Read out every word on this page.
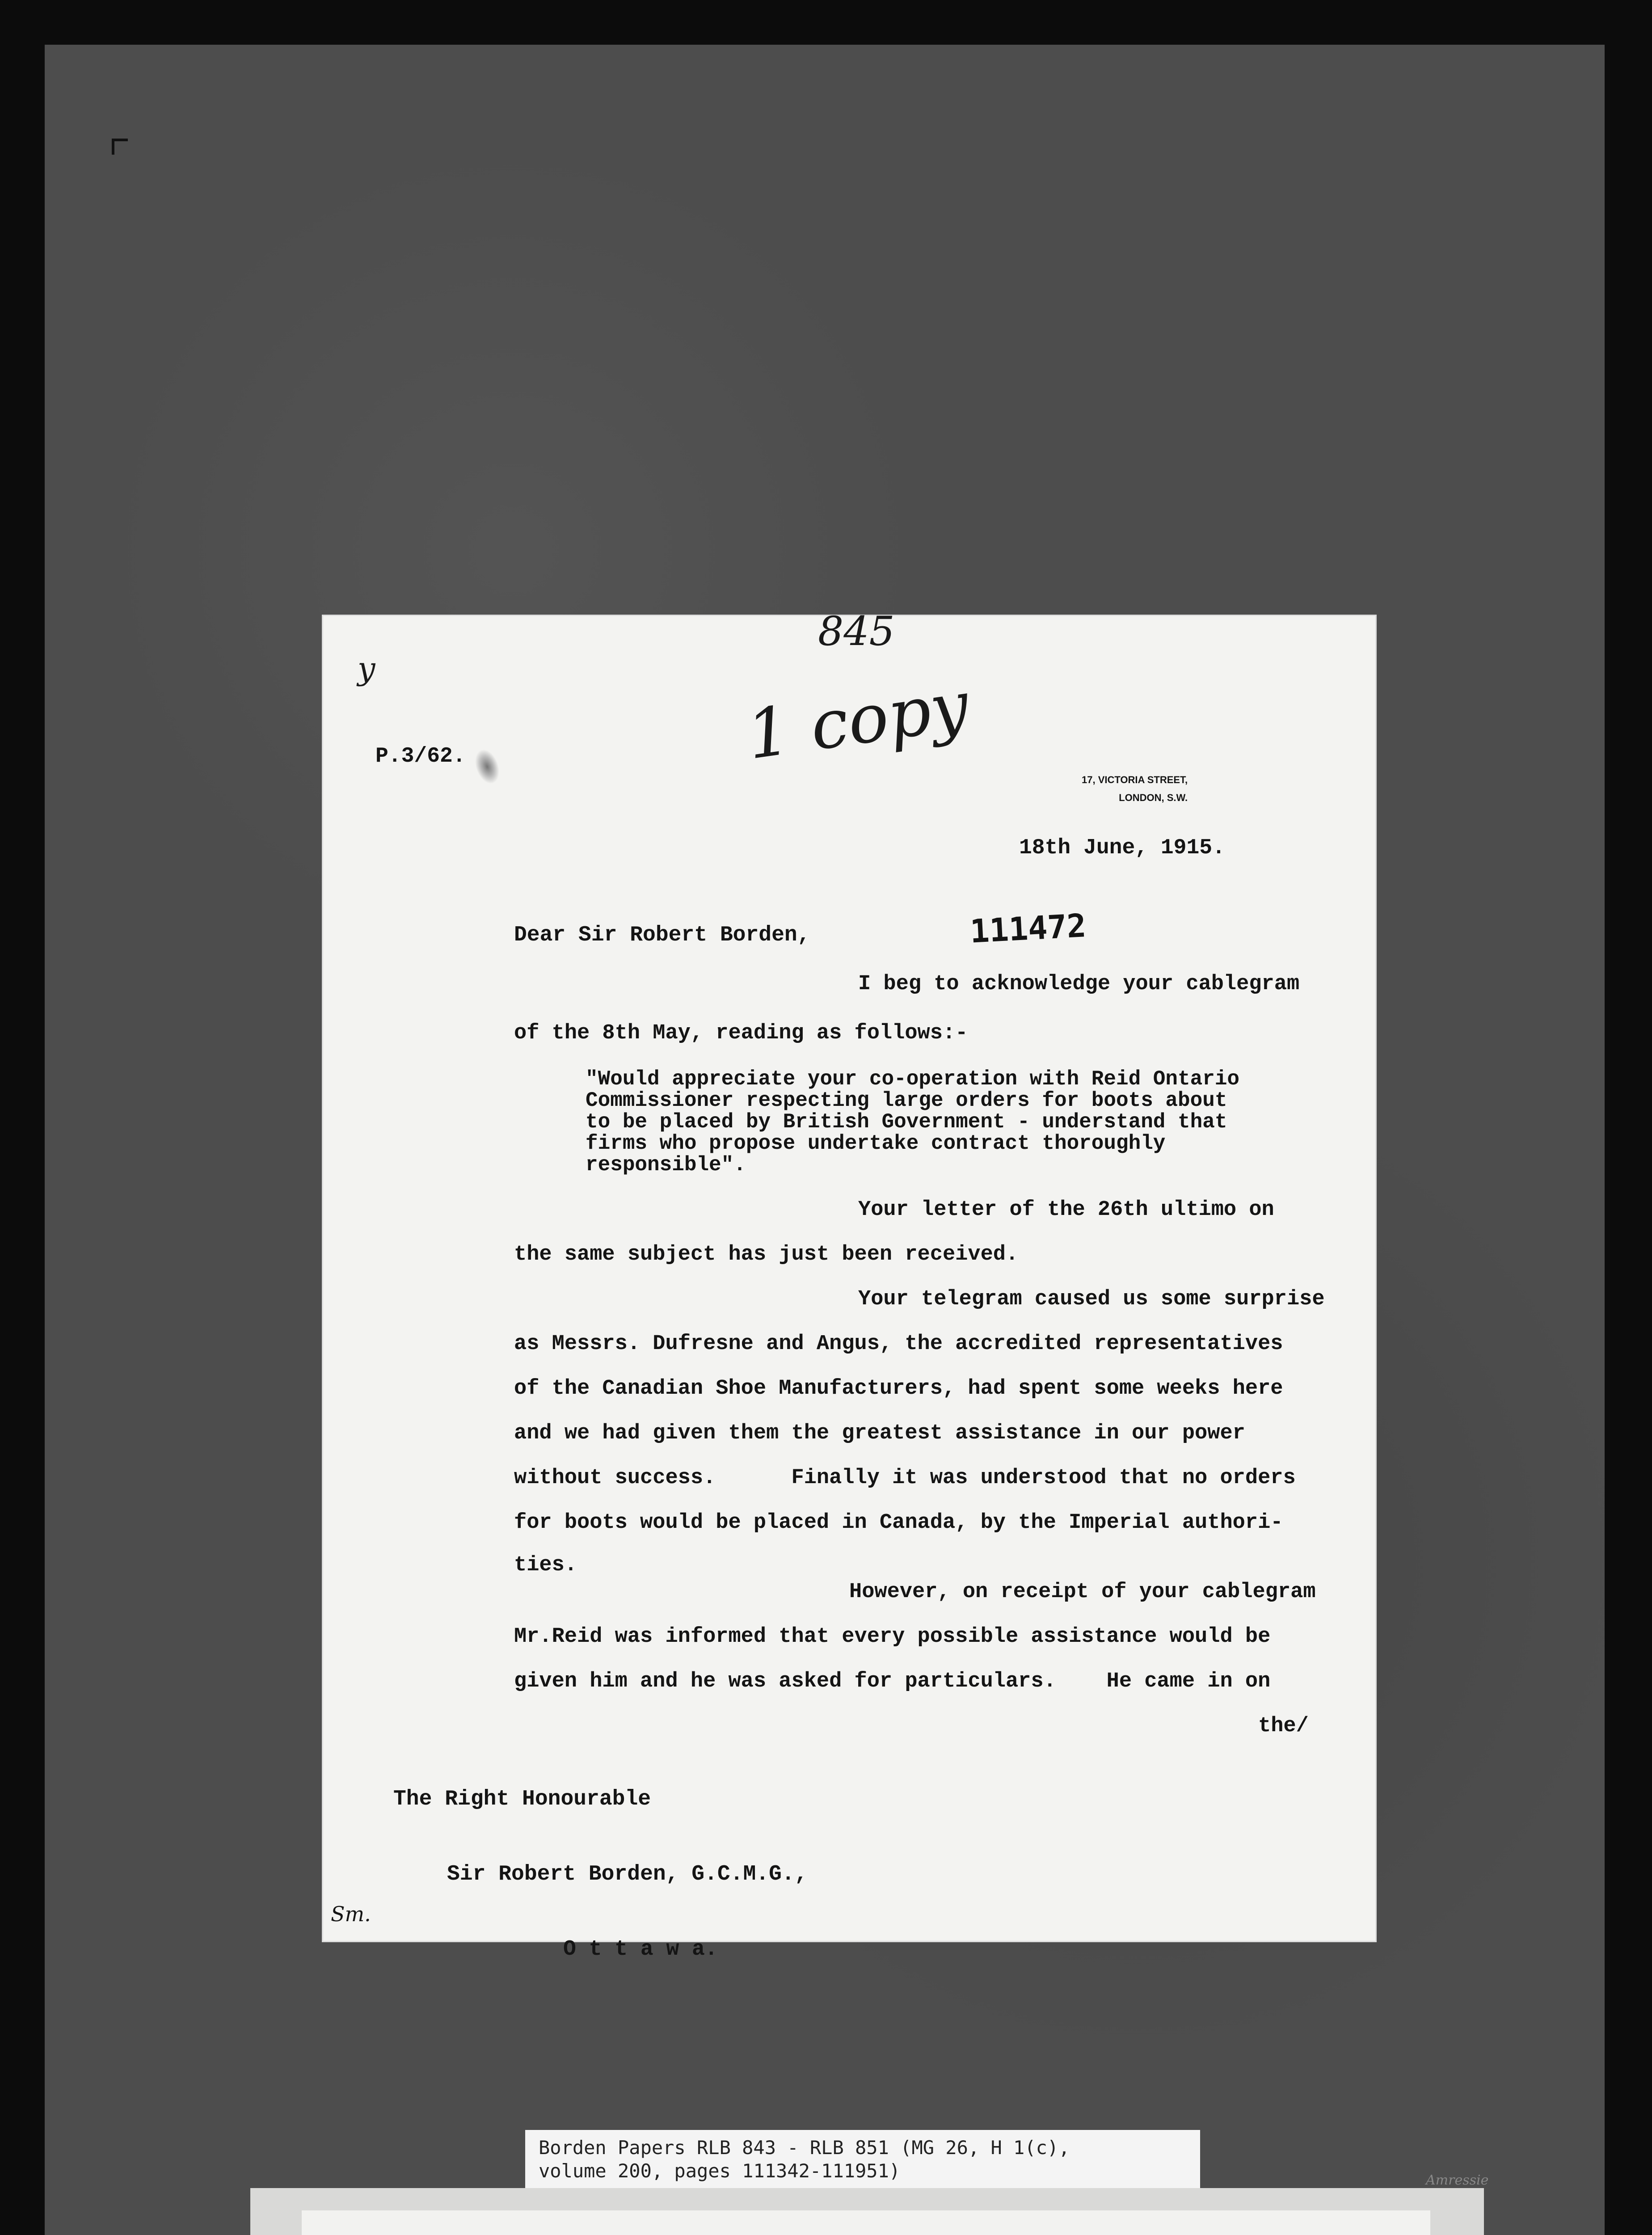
845
1 copy
y
P.3/62.
17, VICTORIA STREET,
LONDON, S.W.
18th June, 1915.
111472
Dear Sir Robert Borden,
I beg to acknowledge your cablegram
of the 8th May, reading as follows:-
"Would appreciate your co-operation with Reid Ontario
Commissioner respecting large orders for boots about
to be placed by British Government - understand that
firms who propose undertake contract thoroughly
responsible".
Your letter of the 26th ultimo on
the same subject has just been received.
Your telegram caused us some surprise
as Messrs. Dufresne and Angus, the accredited representatives
of the Canadian Shoe Manufacturers, had spent some weeks here
and we had given them the greatest assistance in our power
without success.      Finally it was understood that no orders
for boots would be placed in Canada, by the Imperial authori-
ties.
However, on receipt of your cablegram
Mr.Reid was informed that every possible assistance would be
given him and he was asked for particulars.    He came in on
the/

The Right Honourable

Sir Robert Borden, G.C.M.G.,

O t t a w a.

Sm.
Borden Papers RLB 843 - RLB 851 (MG 26, H 1(c),
volume 200, pages 111342-111951)	Amressie
